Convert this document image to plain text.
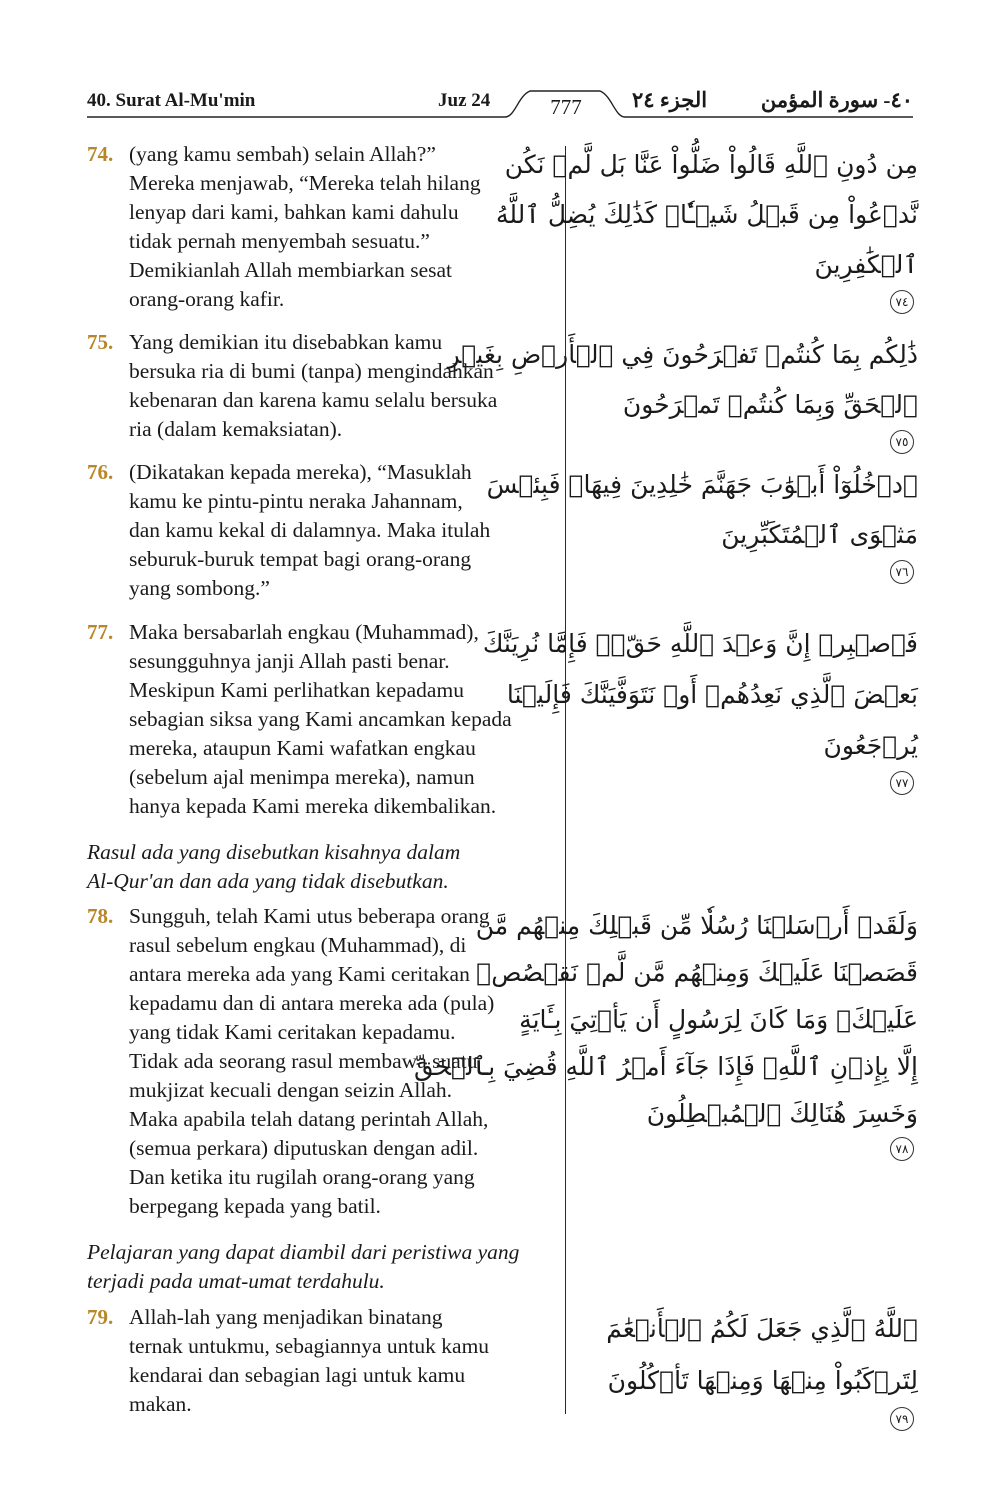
40. Surat Al-Mu'min	Juz 24	777	الجزء ٢٤	٤٠- سورة المؤمن
74. (yang kamu sembah) selain Allah?”
Mereka menjawab, “Mereka telah hilang
lenyap dari kami, bahkan kami dahulu
tidak pernah menyembah sesuatu.”
Demikianlah Allah membiarkan sesat
orang-orang kafir.
مِن دُونِ ٱللَّهِ قَالُواْ ضَلُّواْ عَنَّا بَل لَّمۡ نَكُن
نَّدۡعُواْ مِن قَبۡلُ شَيۡـٔٗاۚ كَذَٰلِكَ يُضِلُّ ٱللَّهُ
ٱلۡكَٰفِرِينَ
٧٤
75. Yang demikian itu disebabkan kamu
bersuka ria di bumi (tanpa) mengindahkan
kebenaran dan karena kamu selalu bersuka
ria (dalam kemaksiatan).
ذَٰلِكُم بِمَا كُنتُمۡ تَفۡرَحُونَ فِي ٱلۡأَرۡضِ بِغَيۡرِ
ٱلۡحَقِّ وَبِمَا كُنتُمۡ تَمۡرَحُونَ
٧٥
76. (Dikatakan kepada mereka), “Masuklah
kamu ke pintu-pintu neraka Jahannam,
dan kamu kekal di dalamnya. Maka itulah
seburuk-buruk tempat bagi orang-orang
yang sombong.”
ٱدۡخُلُوٓاْ أَبۡوَٰبَ جَهَنَّمَ خَٰلِدِينَ فِيهَاۖ فَبِئۡسَ
مَثۡوَى ٱلۡمُتَكَبِّرِينَ
٧٦
77. Maka bersabarlah engkau (Muhammad),
sesungguhnya janji Allah pasti benar.
Meskipun Kami perlihatkan kepadamu
sebagian siksa yang Kami ancamkan kepada
mereka, ataupun Kami wafatkan engkau
(sebelum ajal menimpa mereka), namun
hanya kepada Kami mereka dikembalikan.
فَٱصۡبِرۡ إِنَّ وَعۡدَ ٱللَّهِ حَقّٞۚ فَإِمَّا نُرِيَنَّكَ
بَعۡضَ ٱلَّذِي نَعِدُهُمۡ أَوۡ نَتَوَفَّيَنَّكَ فَإِلَيۡنَا
يُرۡجَعُونَ
٧٧
Rasul ada yang disebutkan kisahnya dalam
Al-Qur'an dan ada yang tidak disebutkan.
78. Sungguh, telah Kami utus beberapa orang
rasul sebelum engkau (Muhammad), di
antara mereka ada yang Kami ceritakan
kepadamu dan di antara mereka ada (pula)
yang tidak Kami ceritakan kepadamu.
Tidak ada seorang rasul membawa suatu
mukjizat kecuali dengan seizin Allah.
Maka apabila telah datang perintah Allah,
(semua perkara) diputuskan dengan adil.
Dan ketika itu rugilah orang-orang yang
berpegang kepada yang batil.
وَلَقَدۡ أَرۡسَلۡنَا رُسُلٗا مِّن قَبۡلِكَ مِنۡهُم مَّن
قَصَصۡنَا عَلَيۡكَ وَمِنۡهُم مَّن لَّمۡ نَقۡصُصۡ
عَلَيۡكَۗ وَمَا كَانَ لِرَسُولٍ أَن يَأۡتِيَ بِـَٔايَةٍ
إِلَّا بِإِذۡنِ ٱللَّهِۚ فَإِذَا جَآءَ أَمۡرُ ٱللَّهِ قُضِيَ بِٱلۡحَقِّ
وَخَسِرَ هُنَالِكَ ٱلۡمُبۡطِلُونَ
٧٨
Pelajaran yang dapat diambil dari peristiwa yang
terjadi pada umat-umat terdahulu.
79. Allah-lah yang menjadikan binatang
ternak untukmu, sebagiannya untuk kamu
kendarai dan sebagian lagi untuk kamu
makan.
ٱللَّهُ ٱلَّذِي جَعَلَ لَكُمُ ٱلۡأَنۡعَٰمَ
لِتَرۡكَبُواْ مِنۡهَا وَمِنۡهَا تَأۡكُلُونَ
٧٩
